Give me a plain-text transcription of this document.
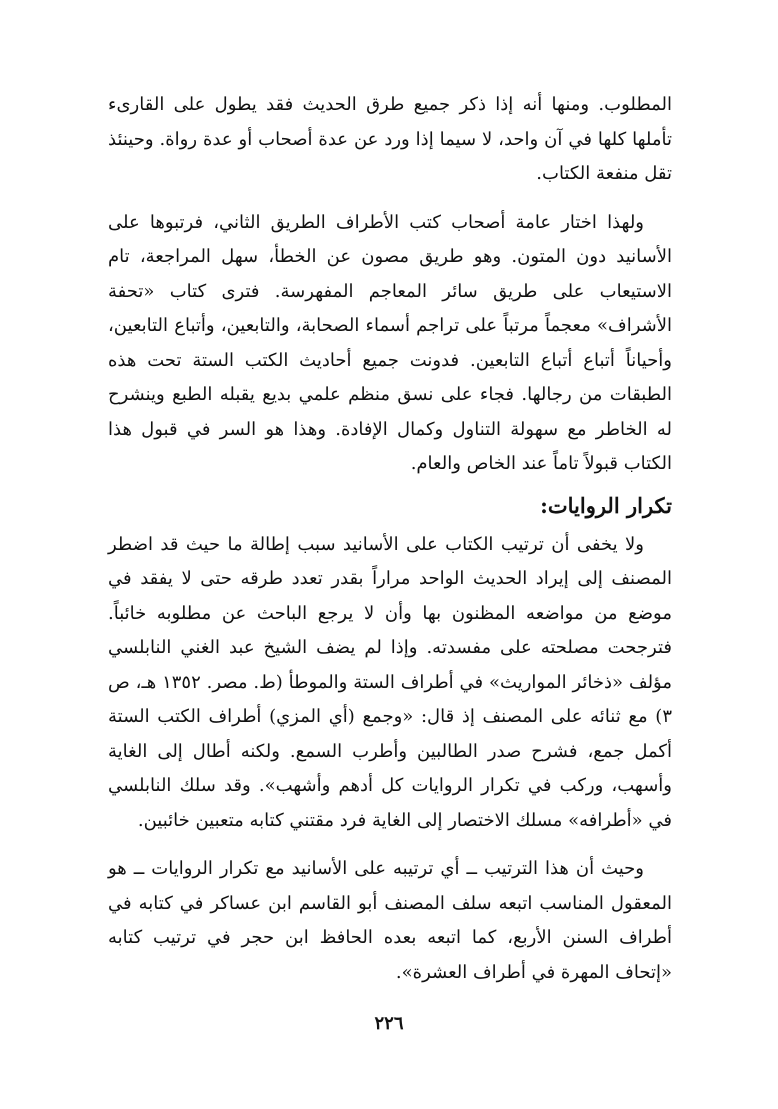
المطلوب. ومنها أنه إذا ذكر جميع طرق الحديث فقد يطول على القارىء تأملها كلها في آن واحد، لا سيما إذا ورد عن عدة أصحاب أو عدة رواة. وحينئذ تقل منفعة الكتاب.

ولهذا اختار عامة أصحاب كتب الأطراف الطريق الثاني، فرتبوها على الأسانيد دون المتون. وهو طريق مصون عن الخطأ، سهل المراجعة، تام الاستيعاب على طريق سائر المعاجم المفهرسة. فترى كتاب «تحفة الأشراف» معجماً مرتباً على تراجم أسماء الصحابة، والتابعين، وأتباع التابعين، وأحياناً أتباع أتباع التابعين. فدونت جميع أحاديث الكتب الستة تحت هذه الطبقات من رجالها. فجاء على نسق منظم علمي بديع يقبله الطبع وينشرح له الخاطر مع سهولة التناول وكمال الإفادة. وهذا هو السر في قبول هذا الكتاب قبولاً تاماً عند الخاص والعام.

تكرار الروايات:

ولا يخفى أن ترتيب الكتاب على الأسانيد سبب إطالة ما حيث قد اضطر المصنف إلى إيراد الحديث الواحد مراراً بقدر تعدد طرقه حتى لا يفقد في موضع من مواضعه المظنون بها وأن لا يرجع الباحث عن مطلوبه خائباً. فترجحت مصلحته على مفسدته. وإذا لم يضف الشيخ عبد الغني النابلسي مؤلف «ذخائر المواريث» في أطراف الستة والموطأ (ط. مصر. ١٣٥٢ هـ، ص ٣) مع ثنائه على المصنف إذ قال: «وجمع (أي المزي) أطراف الكتب الستة أكمل جمع، فشرح صدر الطالبين وأطرب السمع. ولكنه أطال إلى الغاية وأسهب، وركب في تكرار الروايات كل أدهم وأشهب». وقد سلك النابلسي في «أطرافه» مسلك الاختصار إلى الغاية فرد مقتني كتابه متعبين خائبين.

وحيث أن هذا الترتيب ــ أي ترتيبه على الأسانيد مع تكرار الروايات ــ هو المعقول المناسب اتبعه سلف المصنف أبو القاسم ابن عساكر في كتابه في أطراف السنن الأربع، كما اتبعه بعده الحافظ ابن حجر في ترتيب كتابه «إتحاف المهرة في أطراف العشرة».

٢٢٦
